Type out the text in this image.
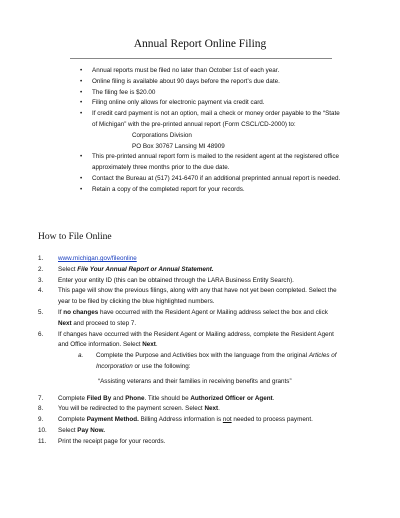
Annual Report Online Filing
• Annual reports must be filed no later than October 1st of each year.
• Online filing is available about 90 days before the report’s due date.
• The filing fee is $20.00
• Filing online only allows for electronic payment via credit card.
• If credit card payment is not an option, mail a check or money order payable to the “State of Michigan” with the pre-printed annual report (Form CSCL/CD-2000) to:
Corporations Division
PO Box 30767 Lansing MI 48909
• This pre-printed annual report form is mailed to the resident agent at the registered office approximately three months prior to the due date.
• Contact the Bureau at (517) 241-6470 if an additional preprinted annual report is needed.
• Retain a copy of the completed report for your records.
How to File Online
1. www.michigan.gov/fileonline
2. Select File Your Annual Report or Annual Statement.
3. Enter your entity ID (this can be obtained through the LARA Business Entity Search).
4. This page will show the previous filings, along with any that have not yet been completed. Select the year to be filed by clicking the blue highlighted numbers.
5. If no changes have occurred with the Resident Agent or Mailing address select the box and click Next and proceed to step 7.
6. If changes have occurred with the Resident Agent or Mailing address, complete the Resident Agent and Office information. Select Next.
a. Complete the Purpose and Activities box with the language from the original Articles of Incorporation or use the following:
“Assisting veterans and their families in receiving benefits and grants”
7. Complete Filed By and Phone. Title should be Authorized Officer or Agent.
8. You will be redirected to the payment screen. Select Next.
9. Complete Payment Method. Billing Address information is not needed to process payment.
10. Select Pay Now.
11. Print the receipt page for your records.
